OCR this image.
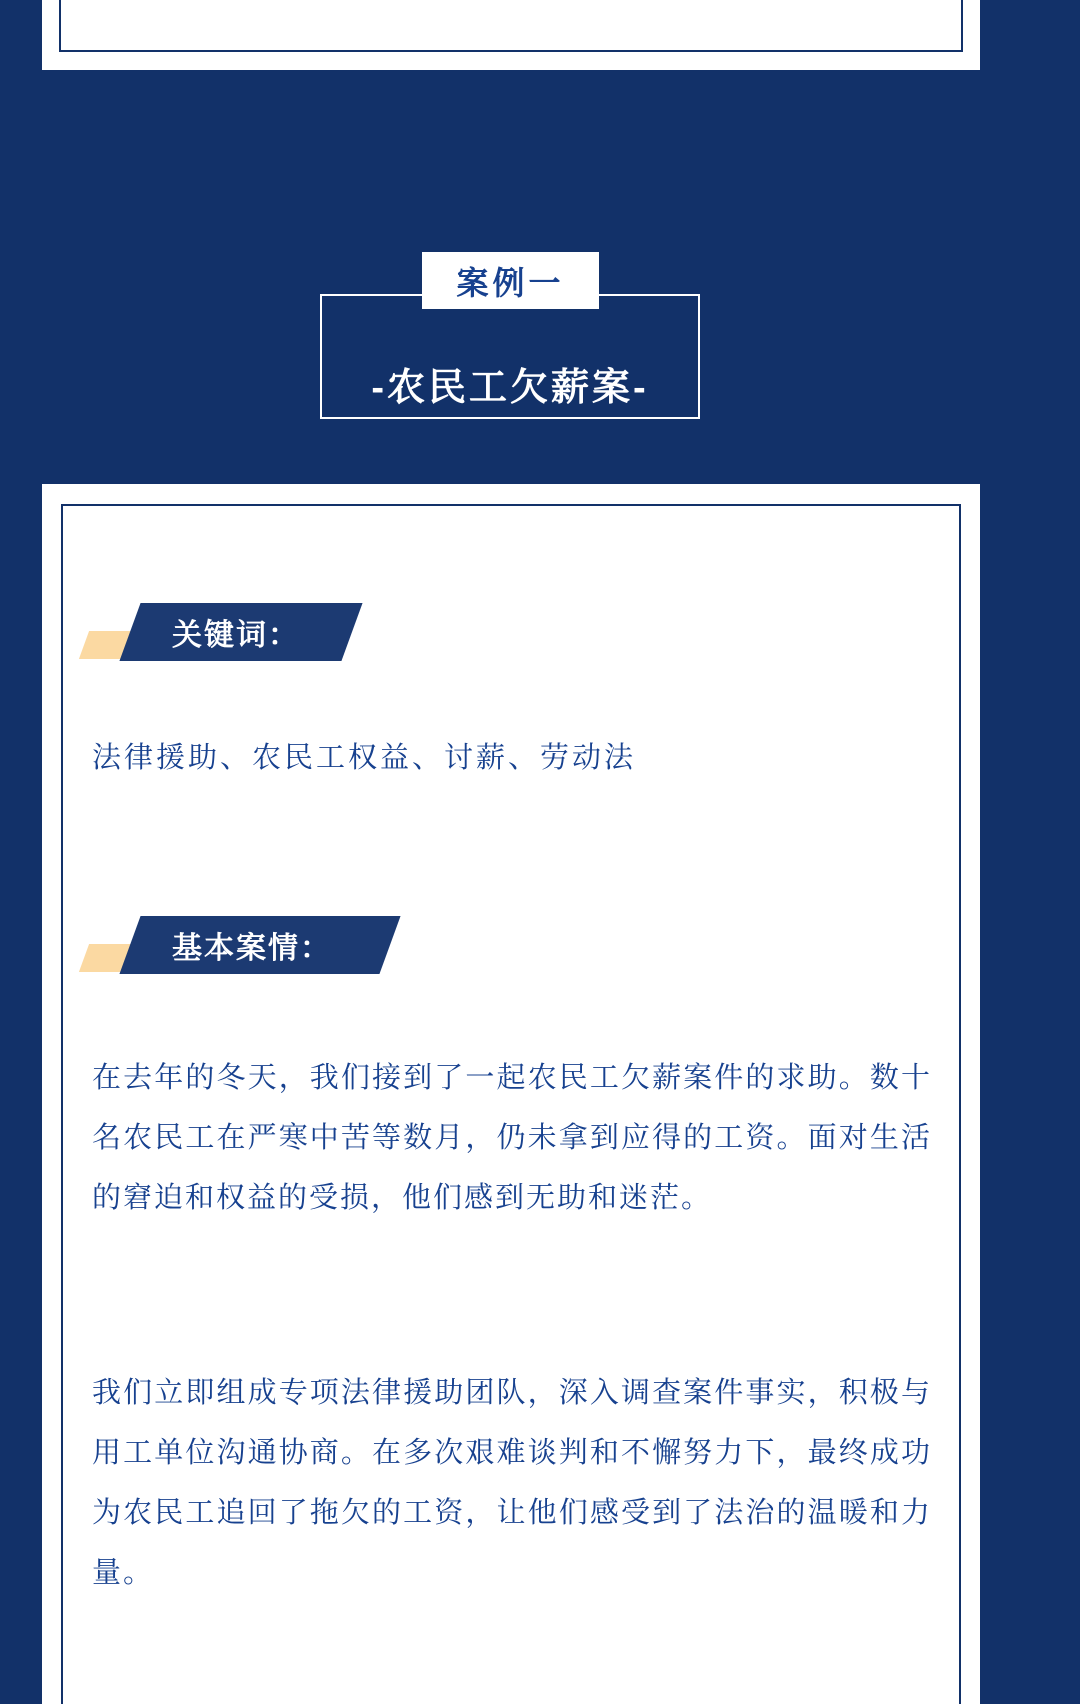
-农民工欠薪案-
案例一
关键词：
法律援助、农民工权益、讨薪、劳动法
基本案情：
在去年的冬天，我们接到了一起农民工欠薪案件的求助。数十名农民工在严寒中苦等数月，仍未拿到应得的工资。面对生活的窘迫和权益的受损，他们感到无助和迷茫。
我们立即组成专项法律援助团队，深入调查案件事实，积极与用工单位沟通协商。在多次艰难谈判和不懈努力下，最终成功为农民工追回了拖欠的工资，让他们感受到了法治的温暖和力量。
